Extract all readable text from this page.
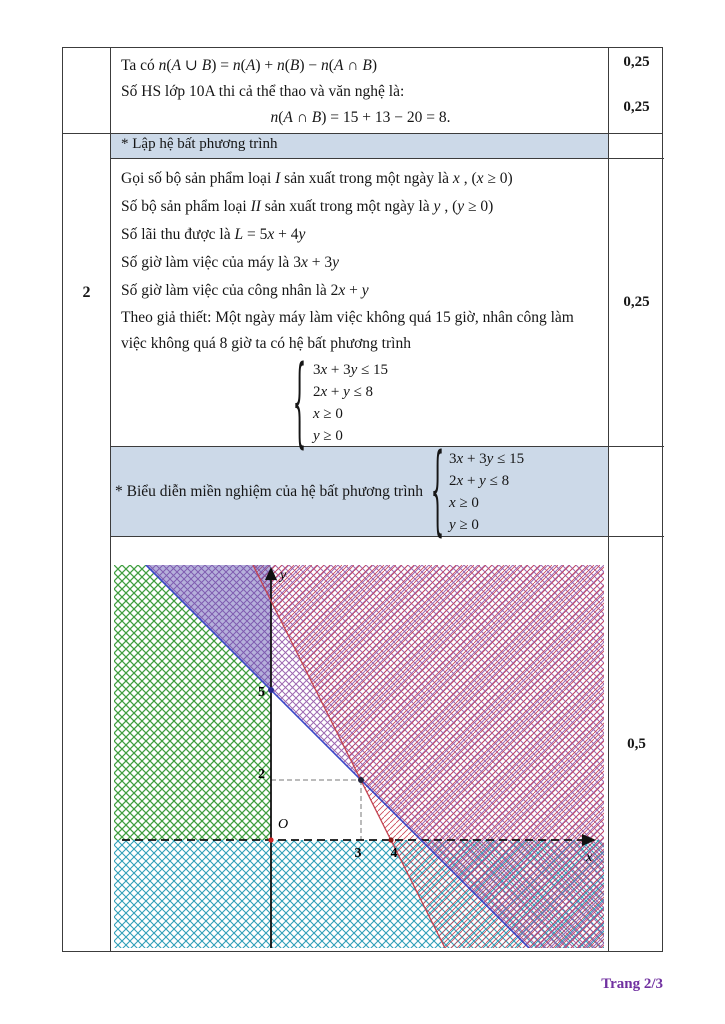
Ta có n(A ∪ B) = n(A) + n(B) − n(A ∩ B)
Số HS lớp 10A thi cả thể thao và văn nghệ là:
n(A ∩ B) = 15 + 13 − 20 = 8.
0,25
0,25
2
* Lập hệ bất phương trình
Gọi số bộ sản phẩm loại I sản xuất trong một ngày là x , (x ≥ 0)
Số bộ sản phẩm loại II sản xuất trong một ngày là y , (y ≥ 0)
Số lãi thu được là L = 5x + 4y
Số giờ làm việc của máy là 3x + 3y
Số giờ làm việc của công nhân là 2x + y
Theo giả thiết: Một ngày máy làm việc không quá 15 giờ, nhân công làm việc không quá 8 giờ ta có hệ bất phương trình
{ 3x + 3y ≤ 15
2x + y ≤ 8
x ≥ 0
y ≥ 0
0,25
* Biểu diễn miền nghiệm của hệ bất phương trình { 3x + 3y ≤ 15
2x + y ≤ 8
x ≥ 0
y ≥ 0
y
x
O
5
2
3 4
0,5
Trang 2/3
